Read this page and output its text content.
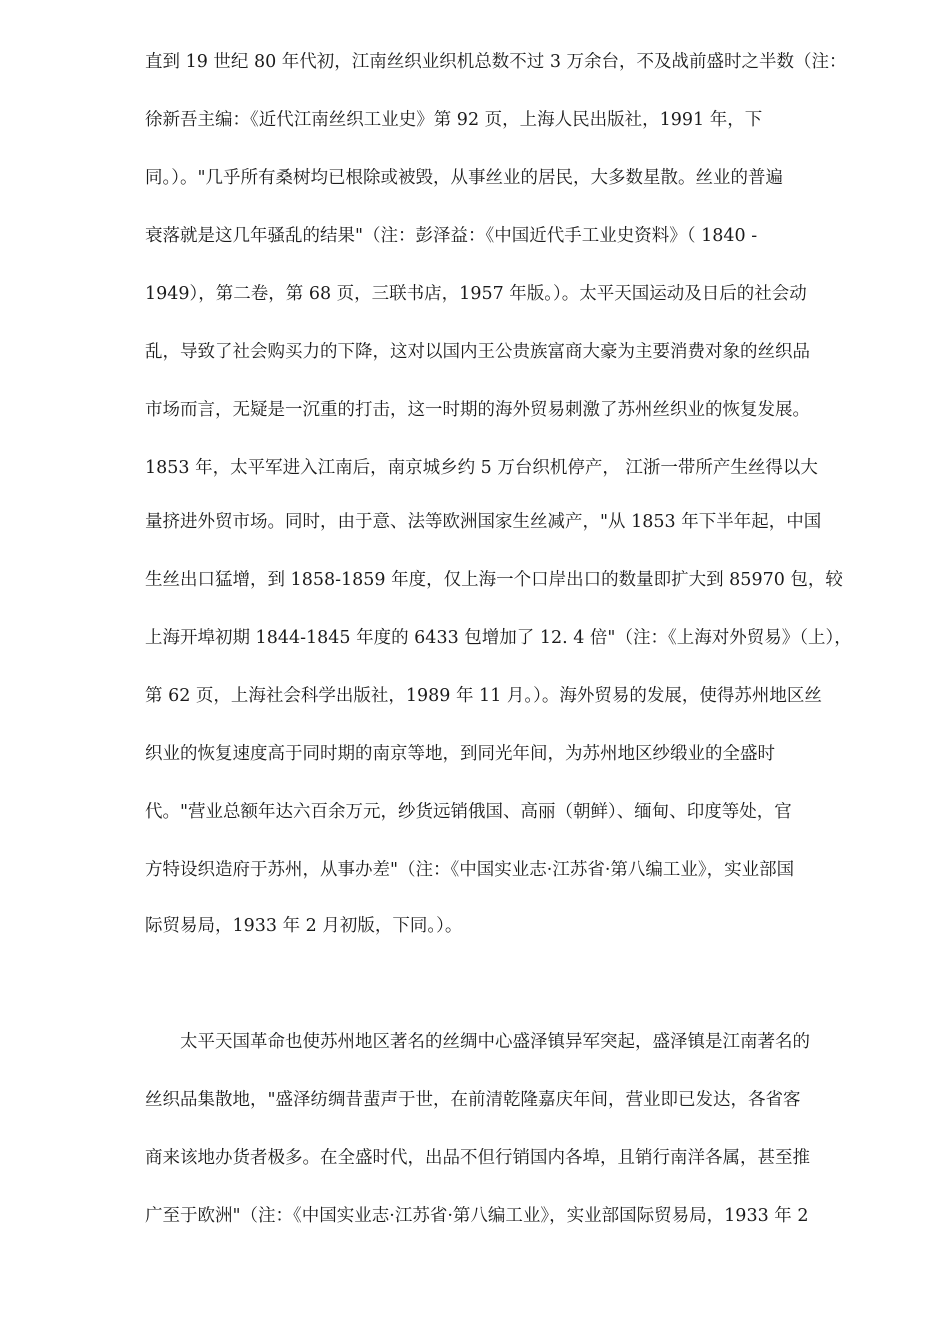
直到 19 世纪 80 年代初，江南丝织业织机总数不过 3 万余台，不及战前盛时之半数（注：
徐新吾主编：《近代江南丝织工业史》第 92 页，上海人民出版社，1991 年，下
同。）。"几乎所有桑树均已根除或被毁，从事丝业的居民，大多数星散。丝业的普遍
衰落就是这几年骚乱的结果"（注：彭泽益：《中国近代手工业史资料》（ 1840 -
1949），第二卷，第 68 页，三联书店，1957 年版。）。太平天国运动及日后的社会动
乱，导致了社会购买力的下降，这对以国内王公贵族富商大豪为主要消费对象的丝织品
市场而言，无疑是一沉重的打击，这一时期的海外贸易刺激了苏州丝织业的恢复发展。
1853 年，太平军进入江南后，南京城乡约 5 万台织机停产， 江浙一带所产生丝得以大
量挤进外贸市场。同时，由于意、法等欧洲国家生丝减产，"从 1853 年下半年起，中国
生丝出口猛增，到 1858-1859 年度，仅上海一个口岸出口的数量即扩大到 85970 包，较
上海开埠初期 1844-1845 年度的 6433 包增加了 12. 4 倍"（注：《上海对外贸易》（上），
第 62 页，上海社会科学出版社，1989 年 11 月。）。海外贸易的发展，使得苏州地区丝
织业的恢复速度高于同时期的南京等地，到同光年间，为苏州地区纱缎业的全盛时
代。"营业总额年达六百余万元，纱货远销俄国、高丽（朝鲜）、缅甸、印度等处，官
方特设织造府于苏州，从事办差"（注：《中国实业志·江苏省·第八编工业》，实业部国
际贸易局，1933 年 2 月初版，下同。）。
太平天国革命也使苏州地区著名的丝绸中心盛泽镇异军突起，盛泽镇是江南著名的
丝织品集散地，"盛泽纺绸昔蜚声于世，在前清乾隆嘉庆年间，营业即已发达，各省客
商来该地办货者极多。在全盛时代，出品不但行销国内各埠，且销行南洋各属，甚至推
广至于欧洲"（注：《中国实业志·江苏省·第八编工业》，实业部国际贸易局，1933 年 2
